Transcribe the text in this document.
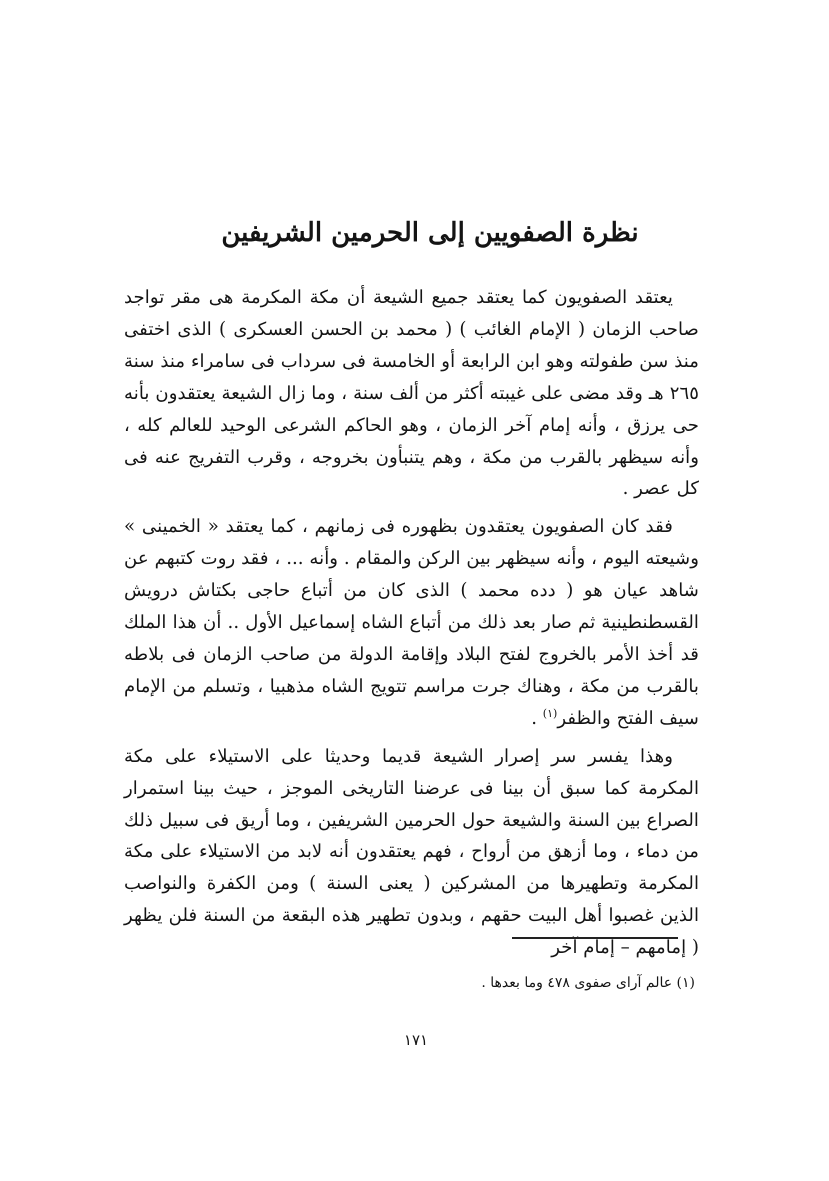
نظرة الصفويين إلى الحرمين الشريفين

يعتقد الصفويون كما يعتقد جميع الشيعة أن مكة المكرمة هى مقر تواجد صاحب الزمان ( الإمام الغائب ) ( محمد بن الحسن العسكرى ) الذى اختفى منذ سن طفولته وهو ابن الرابعة أو الخامسة فى سرداب فى سامراء منذ سنة ٢٦٥ هـ وقد مضى على غيبته أكثر من ألف سنة ، وما زال الشيعة يعتقدون بأنه حى يرزق ، وأنه إمام آخر الزمان ، وهو الحاكم الشرعى الوحيد للعالم كله ، وأنه سيظهر بالقرب من مكة ، وهم يتنبأون بخروجه ، وقرب التفريج عنه فى كل عصر .

فقد كان الصفويون يعتقدون بظهوره فى زمانهم ، كما يعتقد « الخمينى » وشيعته اليوم ، وأنه سيظهر بين الركن والمقام . وأنه ... ، فقد روت كتبهم عن شاهد عيان هو ( دده محمد ) الذى كان من أتباع حاجى بكتاش درويش القسطنطينية ثم صار بعد ذلك من أتباع الشاه إسماعيل الأول .. أن هذا الملك قد أخذ الأمر بالخروج لفتح البلاد وإقامة الدولة من صاحب الزمان فى بلاطه بالقرب من مكة ، وهناك جرت مراسم تتويج الشاه مذهبيا ، وتسلم من الإمام سيف الفتح والظفر$^{(١)}$ .

وهذا يفسر سر إصرار الشيعة قديما وحديثا على الاستيلاء على مكة المكرمة كما سبق أن بينا فى عرضنا التاريخى الموجز ، حيث بينا استمرار الصراع بين السنة والشيعة حول الحرمين الشريفين ، وما أريق فى سبيل ذلك من دماء ، وما أزهق من أرواح ، فهم يعتقدون أنه لابد من الاستيلاء على مكة المكرمة وتطهيرها من المشركين ( يعنى السنة ) ومن الكفرة والنواصب الذين غصبوا أهل البيت حقهم ، وبدون تطهير هذه البقعة من السنة فلن يظهر ( إمامهم – إمام آخر

(١) عالم آراى صفوى ٤٧٨ وما بعدها .

١٧١
